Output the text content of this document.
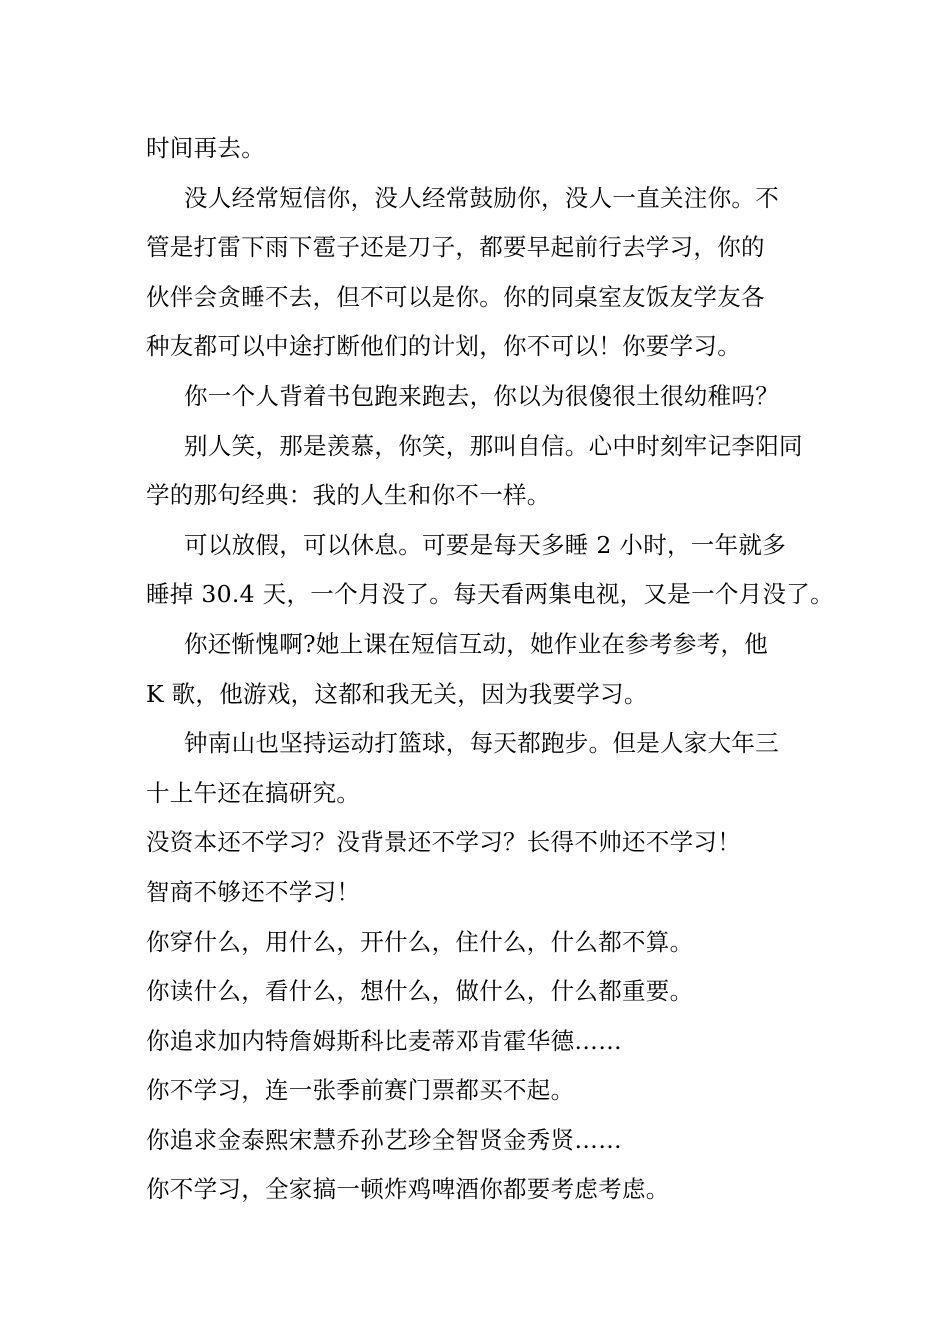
时间再去。
没人经常短信你，没人经常鼓励你，没人一直关注你。不
管是打雷下雨下雹子还是刀子，都要早起前行去学习，你的
伙伴会贪睡不去，但不可以是你。你的同桌室友饭友学友各
种友都可以中途打断他们的计划，你不可以！你要学习。
你一个人背着书包跑来跑去，你以为很傻很土很幼稚吗？
别人笑，那是羡慕，你笑，那叫自信。心中时刻牢记李阳同
学的那句经典：我的人生和你不一样。
可以放假，可以休息。可要是每天多睡 2 小时，一年就多
睡掉 30.4 天，一个月没了。每天看两集电视，又是一个月没了。
你还惭愧啊?她上课在短信互动，她作业在参考参考，他
K 歌，他游戏，这都和我无关，因为我要学习。
钟南山也坚持运动打篮球，每天都跑步。但是人家大年三
十上午还在搞研究。
没资本还不学习？没背景还不学习？长得不帅还不学习！
智商不够还不学习！
你穿什么，用什么，开什么，住什么，什么都不算。
你读什么，看什么，想什么，做什么，什么都重要。
你追求加内特詹姆斯科比麦蒂邓肯霍华德……
你不学习，连一张季前赛门票都买不起。
你追求金泰熙宋慧乔孙艺珍全智贤金秀贤……
你不学习，全家搞一顿炸鸡啤酒你都要考虑考虑。
